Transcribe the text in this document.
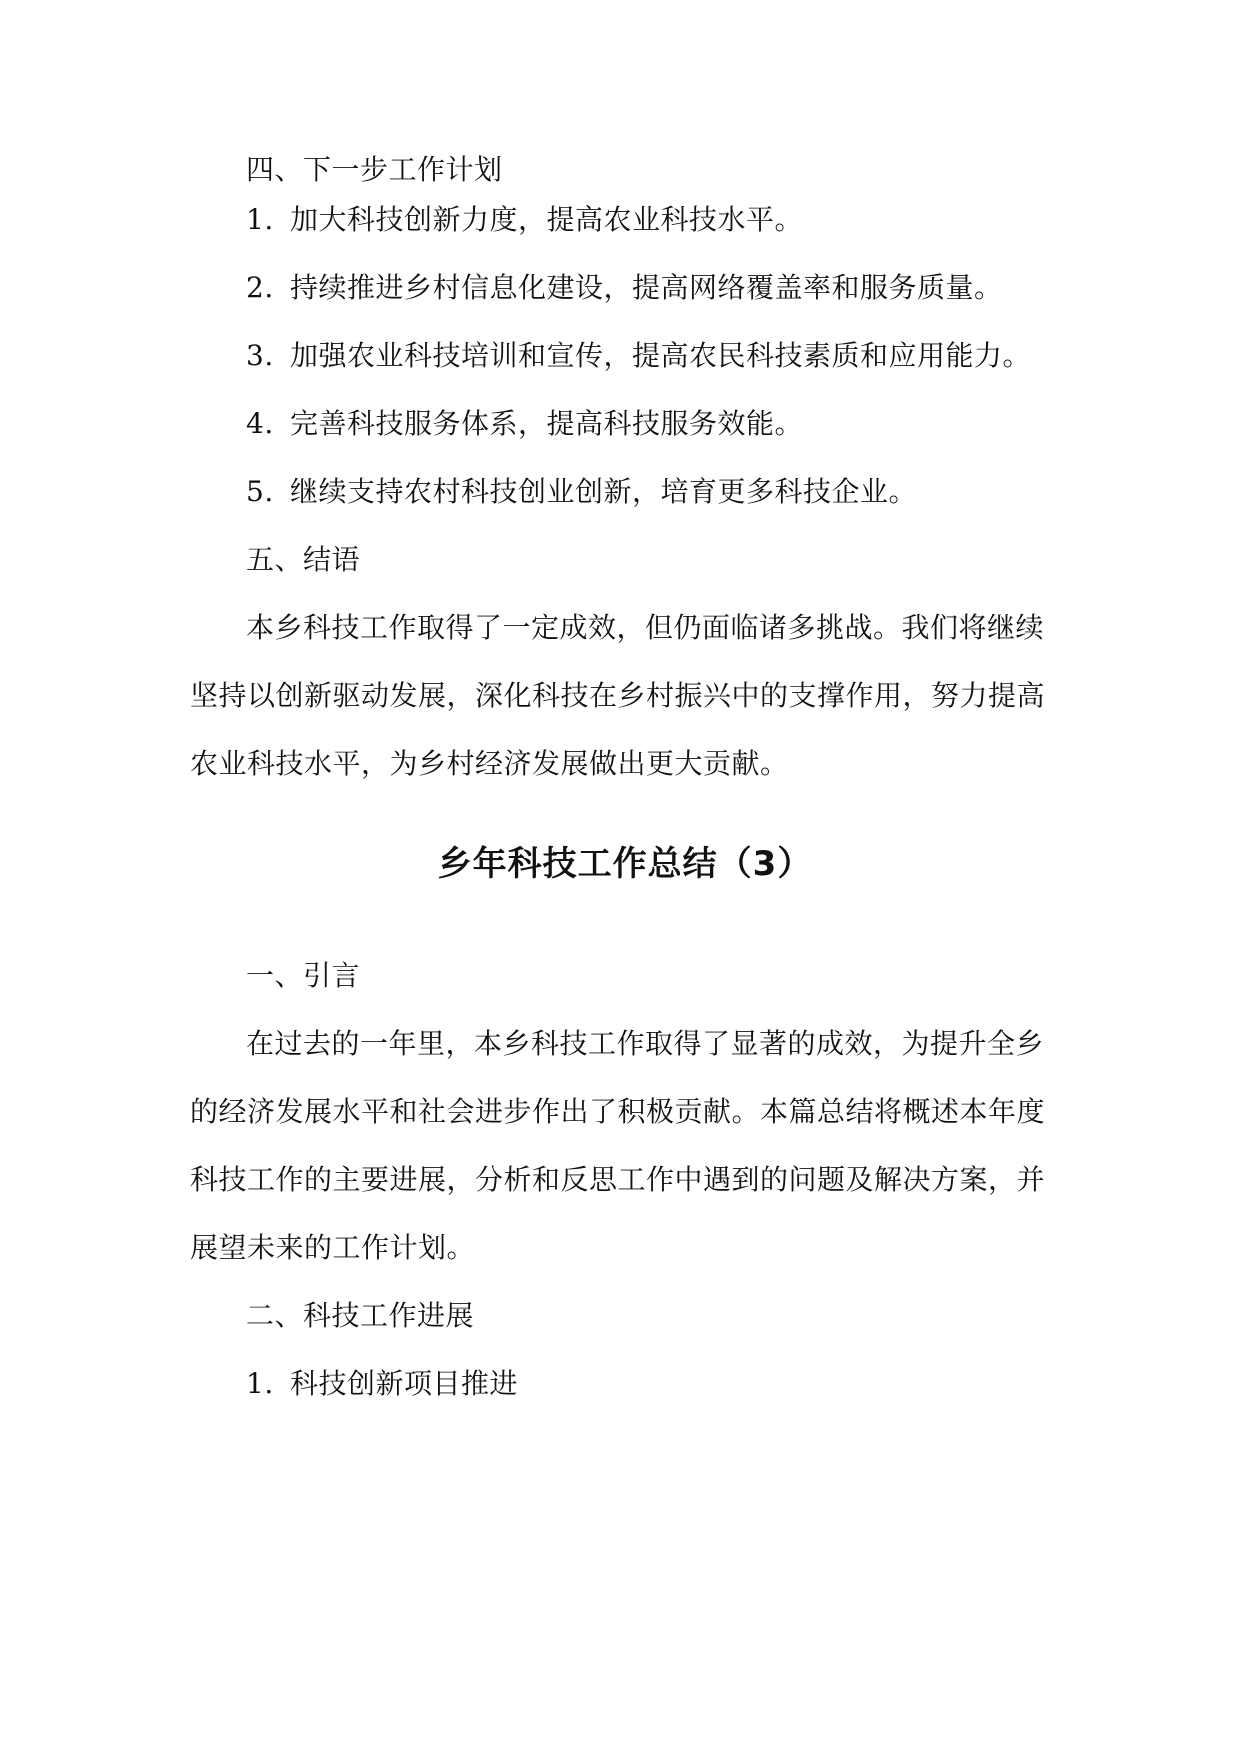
四、下一步工作计划
1. 加大科技创新力度，提高农业科技水平。
2. 持续推进乡村信息化建设，提高网络覆盖率和服务质量。
3. 加强农业科技培训和宣传，提高农民科技素质和应用能力。
4. 完善科技服务体系，提高科技服务效能。
5. 继续支持农村科技创业创新，培育更多科技企业。
五、结语
本乡科技工作取得了一定成效，但仍面临诸多挑战。我们将继续
坚持以创新驱动发展，深化科技在乡村振兴中的支撑作用，努力提高
农业科技水平，为乡村经济发展做出更大贡献。
乡年科技工作总结（3）
一、引言
在过去的一年里，本乡科技工作取得了显著的成效，为提升全乡
的经济发展水平和社会进步作出了积极贡献。本篇总结将概述本年度
科技工作的主要进展，分析和反思工作中遇到的问题及解决方案，并
展望未来的工作计划。
二、科技工作进展
1. 科技创新项目推进
